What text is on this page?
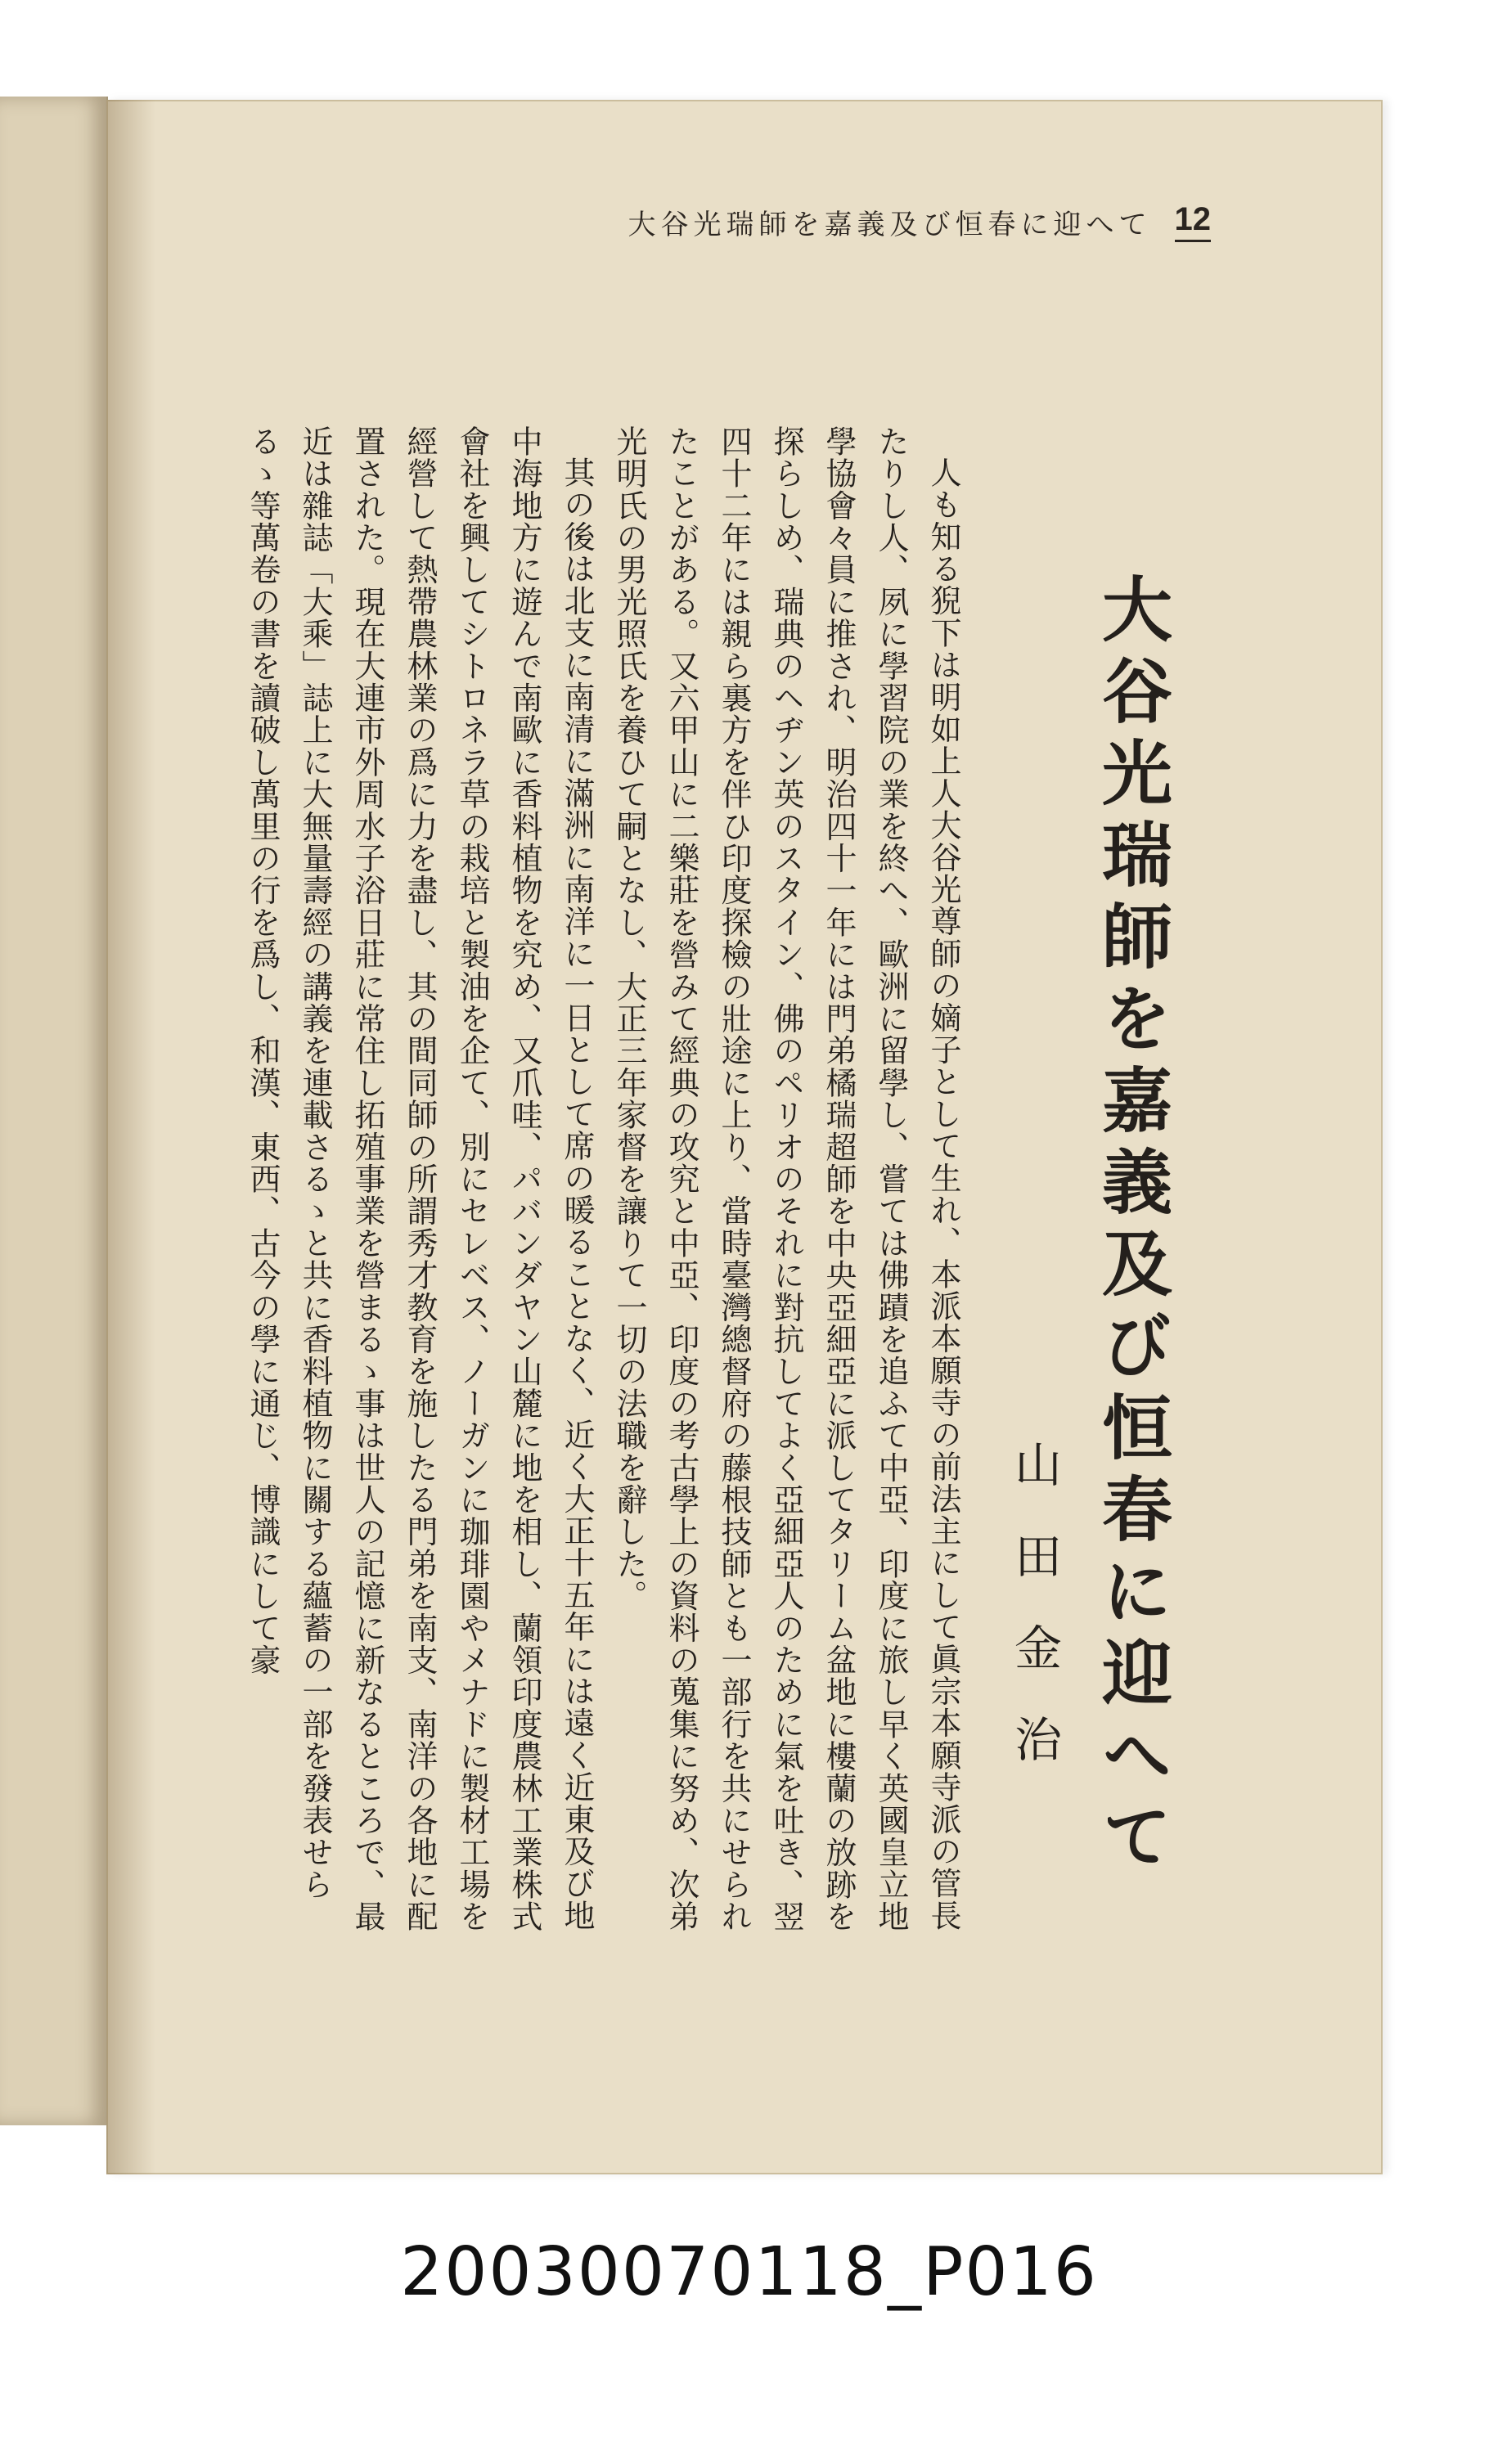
大谷光瑞師を嘉義及び恒春に迎へて 12
大谷光瑞師を嘉義及び恒春に迎へて
山田金治

人も知る猊下は明如上人大谷光尊師の嫡子として生れ、本派本願寺の前法主にして眞宗本願寺派の管長たりし人、夙に學習院の業を終へ、歐洲に留學し、嘗ては佛蹟を追ふて中亞、印度に旅し早く英國皇立地學協會々員に推され、明治四十一年には門弟橘瑞超師を中央亞細亞に派してタリーム盆地に樓蘭の放跡を探らしめ、瑞典のヘヂン英のスタイン、佛のペリオのそれに對抗してよく亞細亞人のために氣を吐き、翌四十二年には親ら裏方を伴ひ印度探檢の壯途に上り、當時臺灣總督府の藤根技師とも一部行を共にせられたことがある。又六甲山に二樂莊を營みて經典の攻究と中亞、印度の考古學上の資料の蒐集に努め、次弟光明氏の男光照氏を養ひて嗣となし、大正三年家督を讓りて一切の法職を辭した。

其の後は北支に南清に滿洲に南洋に一日として席の暖ることなく、近く大正十五年には遠く近東及び地中海地方に遊んで南歐に香料植物を究め、又爪哇、パバンダヤン山麓に地を相し、蘭領印度農林工業株式會社を興してシトロネラ草の栽培と製油を企て、別にセレベス、ノーガンに珈琲園やメナドに製材工場を經營して熱帶農林業の爲に力を盡し、其の間同師の所謂秀才教育を施したる門弟を南支、南洋の各地に配置された。現在大連市外周水子浴日莊に常住し拓殖事業を營まるゝ事は世人の記憶に新なるところで、最近は雜誌「大乘」誌上に大無量壽經の講義を連載さるゝと共に香料植物に關する蘊蓄の一部を發表せらるゝ等萬卷の書を讀破し萬里の行を爲し、和漢、東西、古今の學に通じ、博識にして豪

20030070118_P016
